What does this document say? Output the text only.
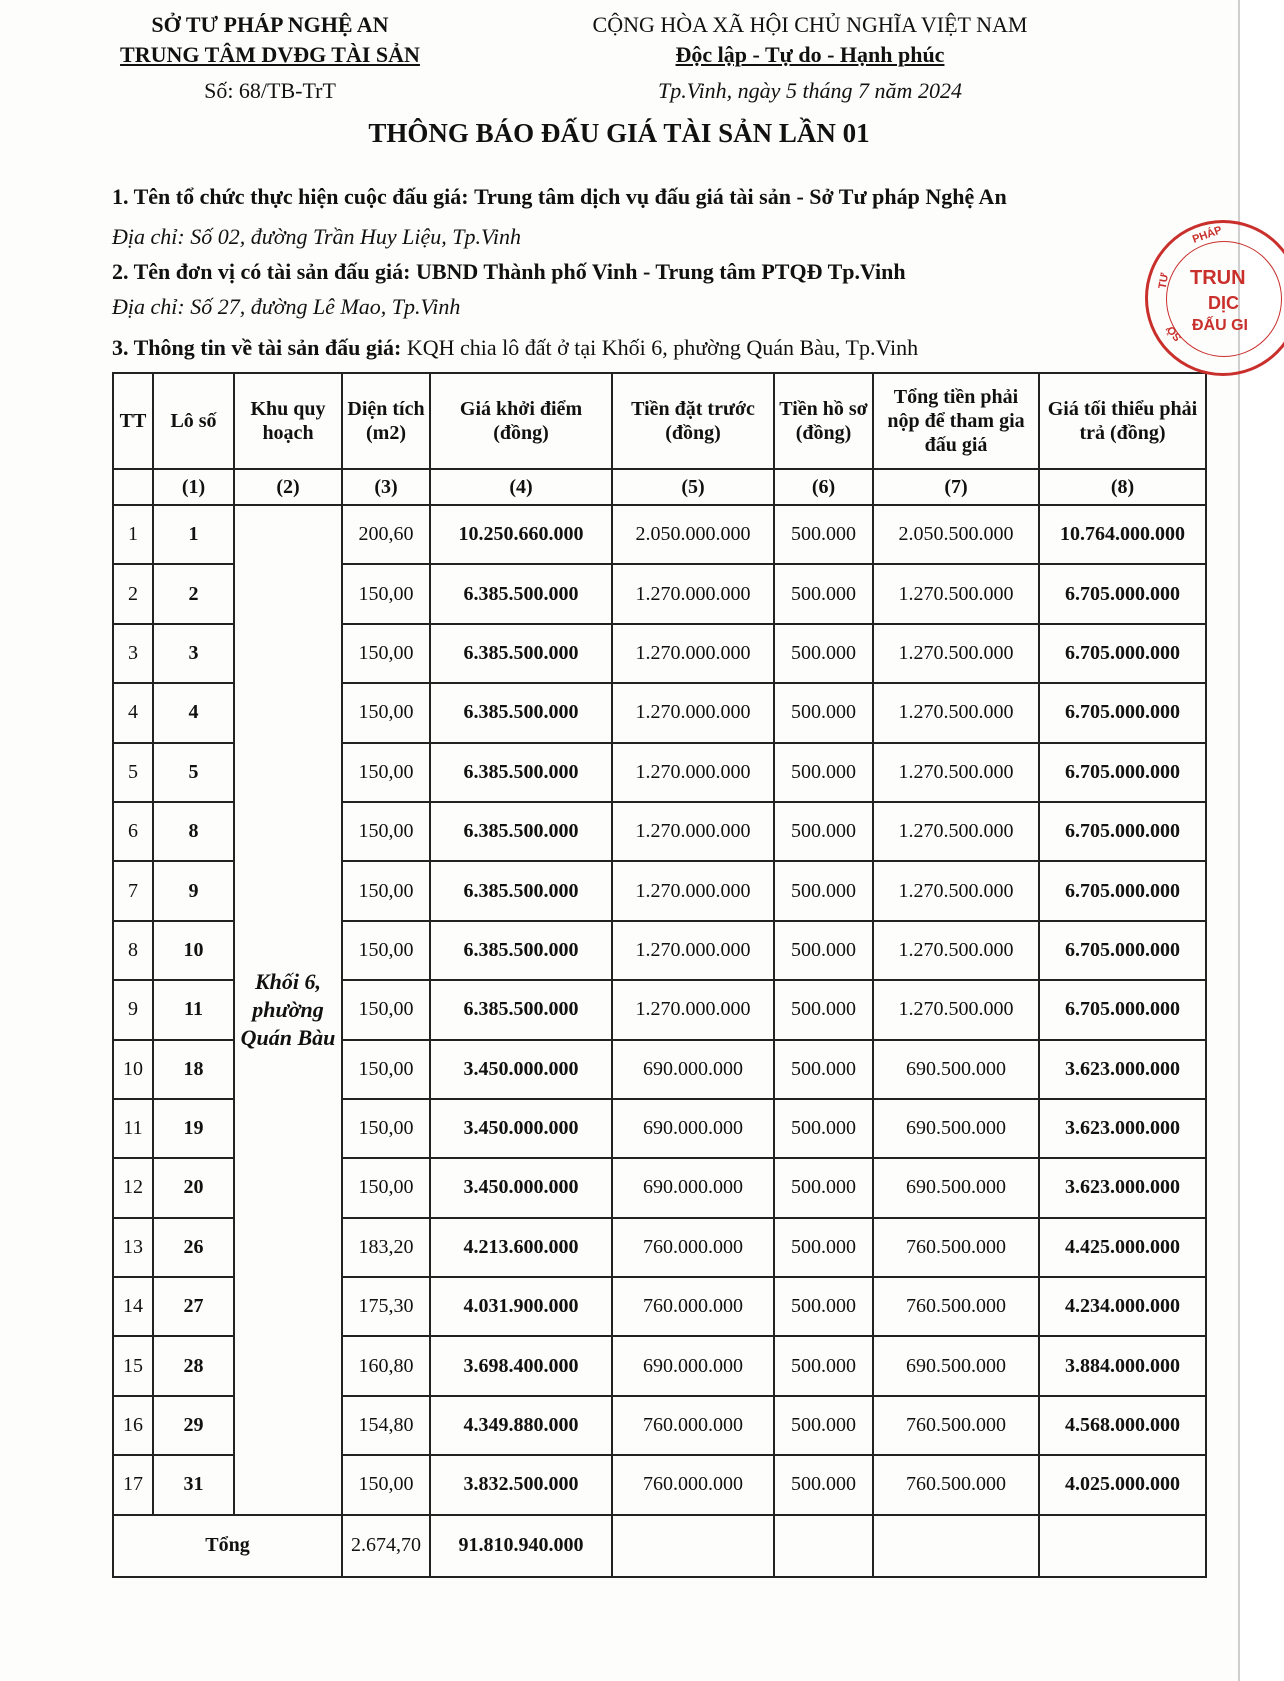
SỞ TƯ PHÁP NGHỆ AN
TRUNG TÂM DVĐG TÀI SẢN
Số: 68/TB-TrT
CỘNG HÒA XÃ HỘI CHỦ NGHĨA VIỆT NAM
Độc lập - Tự do - Hạnh phúc
Tp.Vinh, ngày 5 tháng 7 năm 2024
THÔNG BÁO ĐẤU GIÁ TÀI SẢN LẦN 01
1. Tên tổ chức thực hiện cuộc đấu giá: Trung tâm dịch vụ đấu giá tài sản - Sở Tư pháp Nghệ An
Địa chỉ: Số 02, đường Trần Huy Liệu, Tp.Vinh
2. Tên đơn vị có tài sản đấu giá: UBND Thành phố Vinh - Trung tâm PTQĐ Tp.Vinh
Địa chỉ: Số 27, đường Lê Mao, Tp.Vinh
3. Thông tin về tài sản đấu giá: KQH chia lô đất ở tại Khối 6, phường Quán Bàu, Tp.Vinh
TT	Lô số	Khu quy hoạch	Diện tích (m2)	Giá khởi điểm (đồng)	Tiền đặt trước (đồng)	Tiền hồ sơ (đồng)	Tổng tiền phải nộp để tham gia đấu giá	Giá tối thiểu phải trả (đồng)
	(1)	(2)	(3)	(4)	(5)	(6)	(7)	(8)
1	1	Khối 6, phường Quán Bàu	200,60	10.250.660.000	2.050.000.000	500.000	2.050.500.000	10.764.000.000
2	2		150,00	6.385.500.000	1.270.000.000	500.000	1.270.500.000	6.705.000.000
3	3		150,00	6.385.500.000	1.270.000.000	500.000	1.270.500.000	6.705.000.000
4	4		150,00	6.385.500.000	1.270.000.000	500.000	1.270.500.000	6.705.000.000
5	5		150,00	6.385.500.000	1.270.000.000	500.000	1.270.500.000	6.705.000.000
6	8		150,00	6.385.500.000	1.270.000.000	500.000	1.270.500.000	6.705.000.000
7	9		150,00	6.385.500.000	1.270.000.000	500.000	1.270.500.000	6.705.000.000
8	10		150,00	6.385.500.000	1.270.000.000	500.000	1.270.500.000	6.705.000.000
9	11		150,00	6.385.500.000	1.270.000.000	500.000	1.270.500.000	6.705.000.000
10	18		150,00	3.450.000.000	690.000.000	500.000	690.500.000	3.623.000.000
11	19		150,00	3.450.000.000	690.000.000	500.000	690.500.000	3.623.000.000
12	20		150,00	3.450.000.000	690.000.000	500.000	690.500.000	3.623.000.000
13	26		183,20	4.213.600.000	760.000.000	500.000	760.500.000	4.425.000.000
14	27		175,30	4.031.900.000	760.000.000	500.000	760.500.000	4.234.000.000
15	28		160,80	3.698.400.000	690.000.000	500.000	690.500.000	3.884.000.000
16	29		154,80	4.349.880.000	760.000.000	500.000	760.500.000	4.568.000.000
17	31		150,00	3.832.500.000	760.000.000	500.000	760.500.000	4.025.000.000
Tổng			2.674,70	91.810.940.000				
TRUN
DỊC
ĐẤU GI
PHÁP
TƯ
SỞ
